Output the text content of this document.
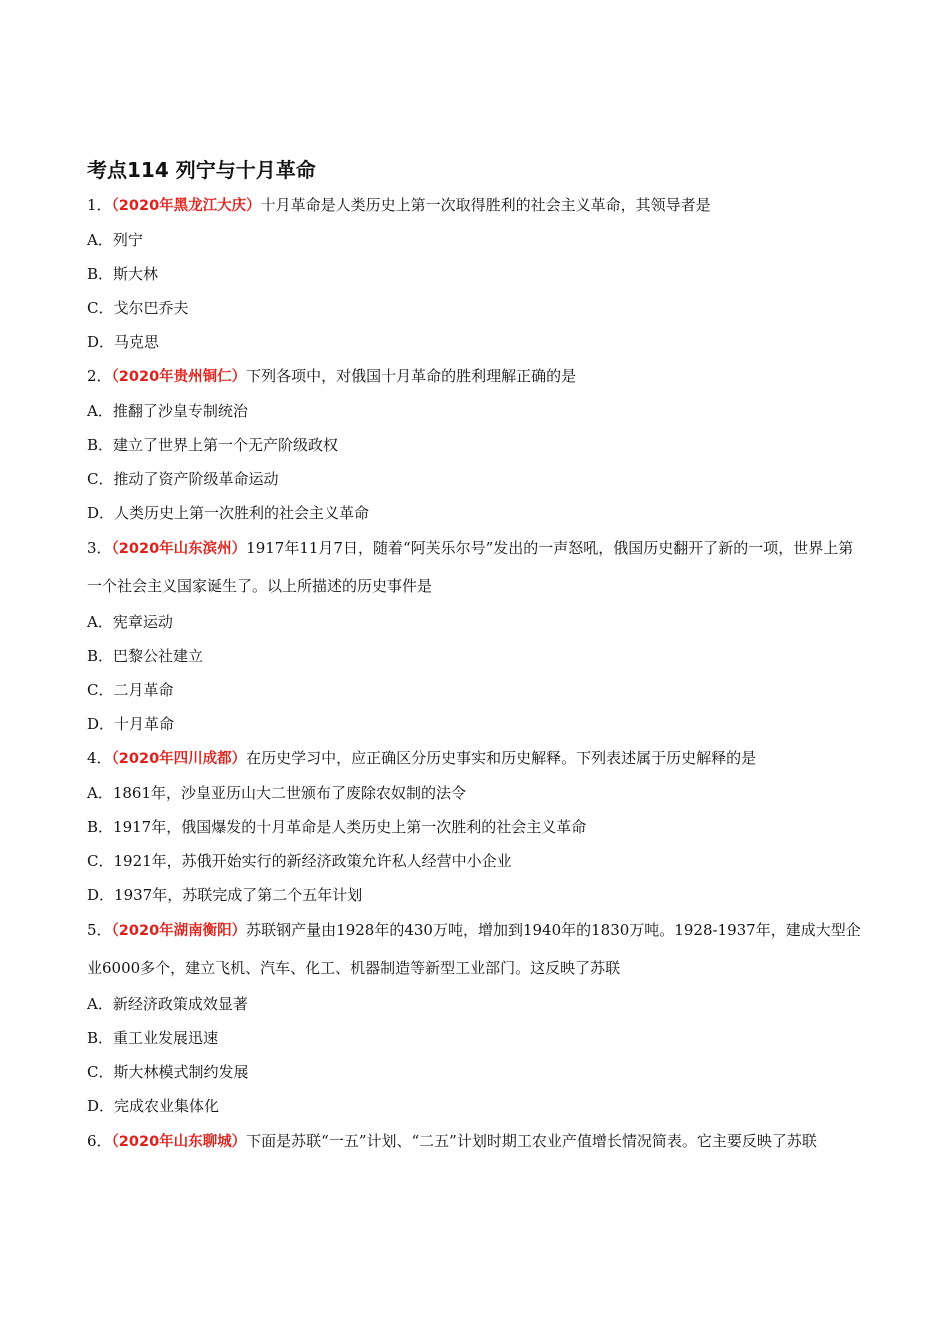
考点114 列宁与十月革命

1．（2020年黑龙江大庆）十月革命是人类历史上第一次取得胜利的社会主义革命，其领导者是

A．列宁

B．斯大林

C．戈尔巴乔夫

D．马克思

2．（2020年贵州铜仁）下列各项中，对俄国十月革命的胜利理解正确的是

A．推翻了沙皇专制统治

B．建立了世界上第一个无产阶级政权

C．推动了资产阶级革命运动

D．人类历史上第一次胜利的社会主义革命

3．（2020年山东滨州）1917年11月7日，随着“阿芙乐尔号”发出的一声怒吼，俄国历史翻开了新的一项，世界上第一个社会主义国家诞生了。以上所描述的历史事件是

A．宪章运动

B．巴黎公社建立

C．二月革命

D．十月革命

4．（2020年四川成都）在历史学习中，应正确区分历史事实和历史解释。下列表述属于历史解释的是

A．1861年，沙皇亚历山大二世颁布了废除农奴制的法令

B．1917年，俄国爆发的十月革命是人类历史上第一次胜利的社会主义革命

C．1921年，苏俄开始实行的新经济政策允许私人经营中小企业

D．1937年，苏联完成了第二个五年计划

5．（2020年湖南衡阳）苏联钢产量由1928年的430万吨，增加到1940年的1830万吨。1928-1937年，建成大型企业6000多个，建立飞机、汽车、化工、机器制造等新型工业部门。这反映了苏联

A．新经济政策成效显著

B．重工业发展迅速

C．斯大林模式制约发展

D．完成农业集体化

6．（2020年山东聊城）下面是苏联“一五”计划、“二五”计划时期工农业产值增长情况简表。它主要反映了苏联
